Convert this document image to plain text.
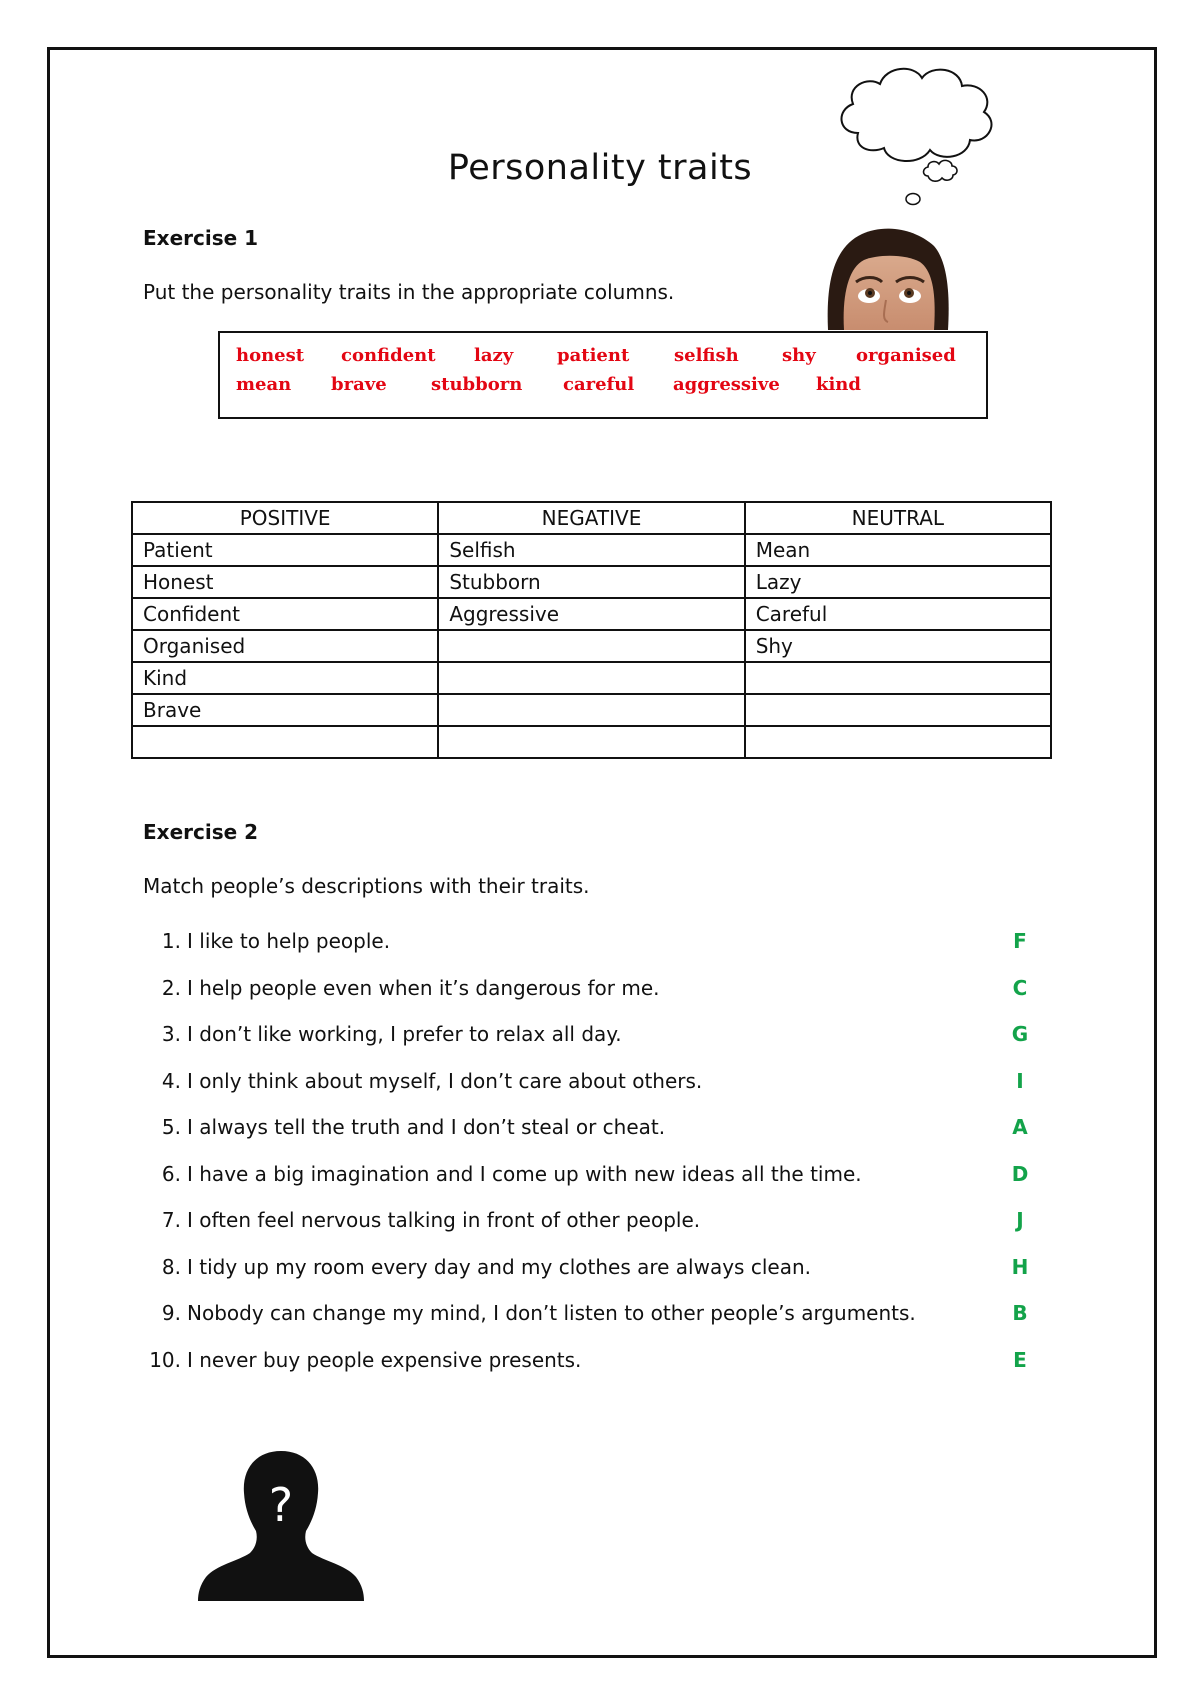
Personality traits
Exercise 1
Put the personality traits in the appropriate columns.
honest confident lazy patient selfish shy organised
mean brave stubborn careful aggressive kind
POSITIVE	NEGATIVE	NEUTRAL
Patient	Selfish	Mean
Honest	Stubborn	Lazy
Confident	Aggressive	Careful
Organised		Shy
Kind		
Brave		

Exercise 2
Match people’s descriptions with their traits.
1. I like to help people.	F
2. I help people even when it’s dangerous for me.	C
3. I don’t like working, I prefer to relax all day.	G
4. I only think about myself, I don’t care about others.	I
5. I always tell the truth and I don’t steal or cheat.	A
6. I have a big imagination and I come up with new ideas all the time.	D
7. I often feel nervous talking in front of other people.	J
8. I tidy up my room every day and my clothes are always clean.	H
9. Nobody can change my mind, I don’t listen to other people’s arguments.	B
10. I never buy people expensive presents.	E
?
